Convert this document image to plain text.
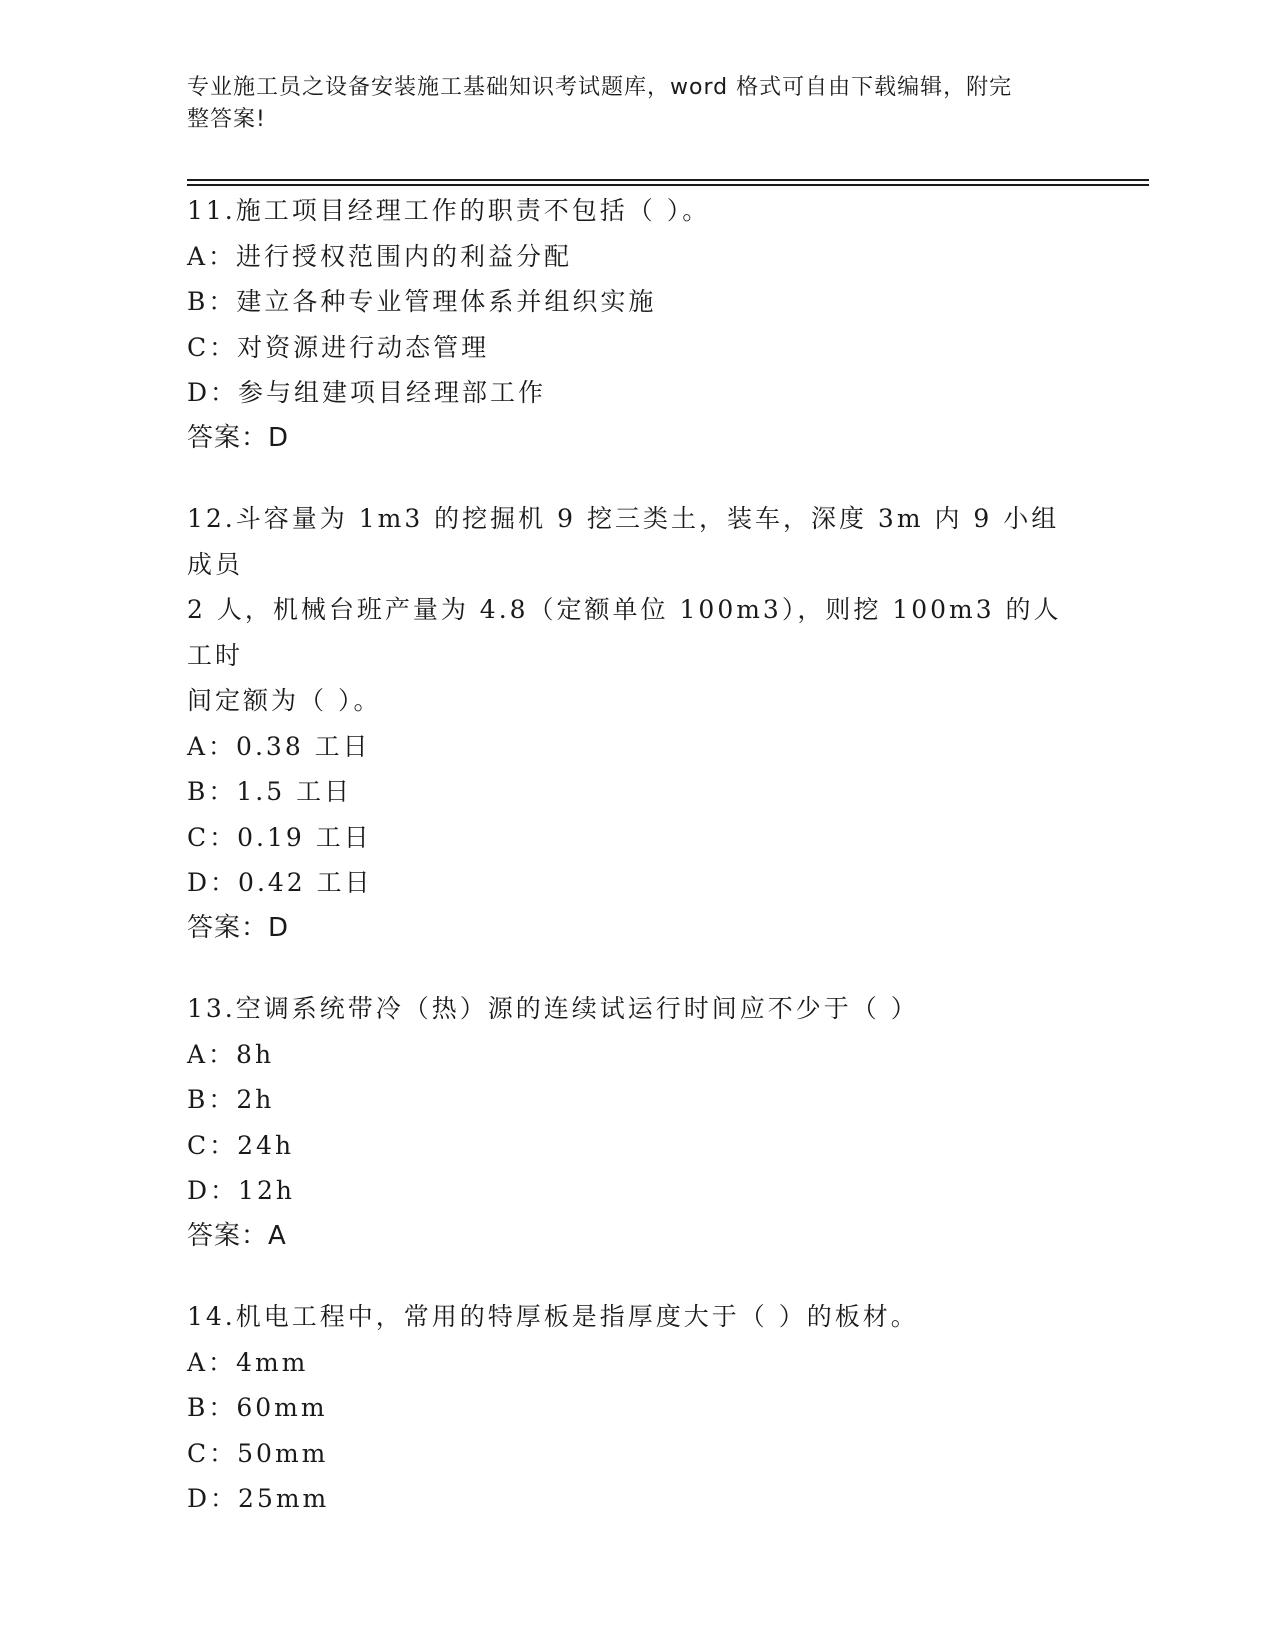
专业施工员之设备安装施工基础知识考试题库，word 格式可自由下载编辑，附完
整答案!
11.施工项目经理工作的职责不包括（ ）。
A：进行授权范围内的利益分配
B：建立各种专业管理体系并组织实施
C：对资源进行动态管理
D：参与组建项目经理部工作
答案：D
12.斗容量为 1m3 的挖掘机 9 挖三类土，装车，深度 3m 内 9 小组成员
2 人，机械台班产量为 4.8（定额单位 100m3），则挖 100m3 的人工时
间定额为（ ）。
A：0.38 工日
B：1.5 工日
C：0.19 工日
D：0.42 工日
答案：D
13.空调系统带冷（热）源的连续试运行时间应不少于（ ）
A：8h
B：2h
C：24h
D：12h
答案：A
14.机电工程中，常用的特厚板是指厚度大于（ ）的板材。
A：4mm
B：60mm
C：50mm
D：25mm
